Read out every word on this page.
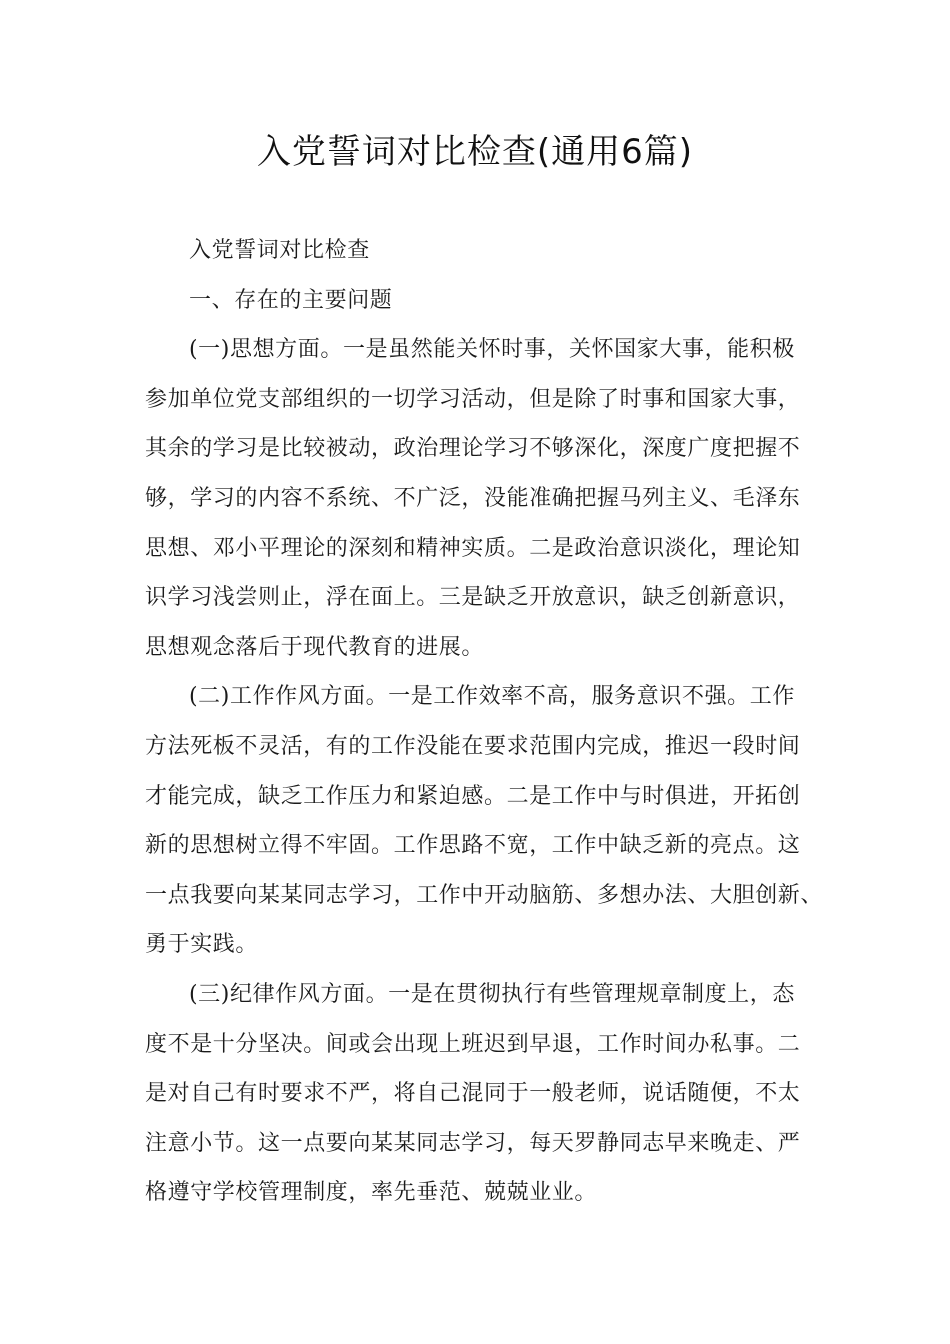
入党誓词对比检查(通用6篇)
入党誓词对比检查
一、存在的主要问题
(一)思想方面。一是虽然能关怀时事，关怀国家大事，能积极
参加单位党支部组织的一切学习活动，但是除了时事和国家大事，
其余的学习是比较被动，政治理论学习不够深化，深度广度把握不
够，学习的内容不系统、不广泛，没能准确把握马列主义、毛泽东
思想、邓小平理论的深刻和精神实质。二是政治意识淡化，理论知
识学习浅尝则止，浮在面上。三是缺乏开放意识，缺乏创新意识，
思想观念落后于现代教育的进展。
(二)工作作风方面。一是工作效率不高，服务意识不强。工作
方法死板不灵活，有的工作没能在要求范围内完成，推迟一段时间
才能完成，缺乏工作压力和紧迫感。二是工作中与时俱进，开拓创
新的思想树立得不牢固。工作思路不宽，工作中缺乏新的亮点。这
一点我要向某某同志学习，工作中开动脑筋、多想办法、大胆创新、
勇于实践。
(三)纪律作风方面。一是在贯彻执行有些管理规章制度上，态
度不是十分坚决。间或会出现上班迟到早退，工作时间办私事。二
是对自己有时要求不严，将自己混同于一般老师，说话随便，不太
注意小节。这一点要向某某同志学习，每天罗静同志早来晚走、严
格遵守学校管理制度，率先垂范、兢兢业业。
